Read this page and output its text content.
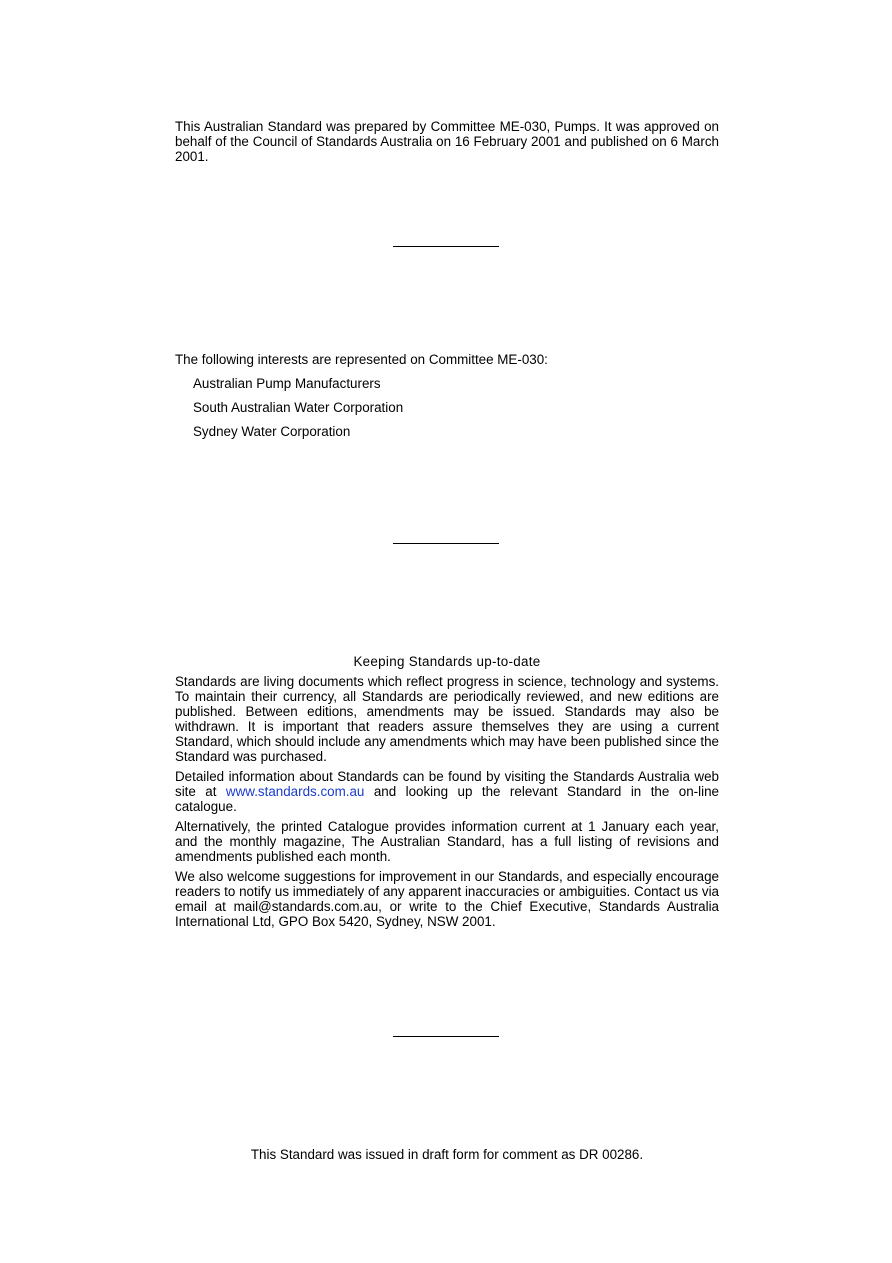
This Australian Standard was prepared by Committee ME-030, Pumps. It was approved on behalf of the Council of Standards Australia on 16 February 2001 and published on 6 March 2001.

The following interests are represented on Committee ME-030:

Australian Pump Manufacturers
South Australian Water Corporation
Sydney Water Corporation
Keeping Standards up-to-date

Standards are living documents which reflect progress in science, technology and systems. To maintain their currency, all Standards are periodically reviewed, and new editions are published. Between editions, amendments may be issued. Standards may also be withdrawn. It is important that readers assure themselves they are using a current Standard, which should include any amendments which may have been published since the Standard was purchased.

Detailed information about Standards can be found by visiting the Standards Australia web site at www.standards.com.au and looking up the relevant Standard in the on-line catalogue.

Alternatively, the printed Catalogue provides information current at 1 January each year, and the monthly magazine, The Australian Standard, has a full listing of revisions and amendments published each month.

We also welcome suggestions for improvement in our Standards, and especially encourage readers to notify us immediately of any apparent inaccuracies or ambiguities. Contact us via email at mail@standards.com.au, or write to the Chief Executive, Standards Australia International Ltd, GPO Box 5420, Sydney, NSW 2001.

This Standard was issued in draft form for comment as DR 00286.
